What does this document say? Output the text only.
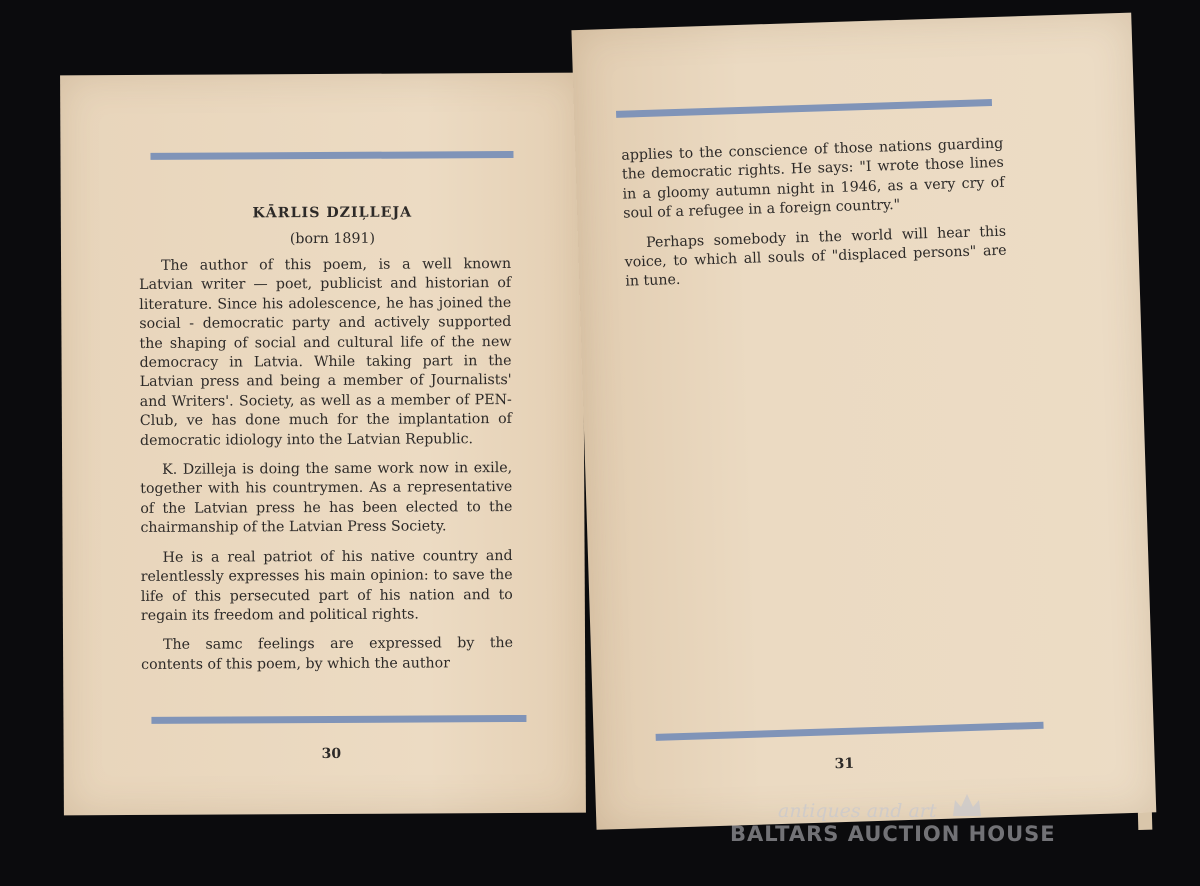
KĀRLIS DZIĻLEJA
(born 1891)

The author of this poem, is a well known Latvian writer — poet, publicist and historian of literature. Since his adolescence, he has joined the social - democratic party and actively supported the shaping of social and cultural life of the new democracy in Latvia. While taking part in the Latvian press and being a member of Journalists' and Writers'. Society, as well as a member of PEN-Club, ve has done much for the implantation of democratic idiology into the Latvian Republic.

K. Dzilleja is doing the same work now in exile, together with his countrymen. As a representative of the Latvian press he has been elected to the chairmanship of the Latvian Press Society.

He is a real patriot of his native country and relentlessly expresses his main opinion: to save the life of this persecuted part of his nation and to regain its freedom and political rights.

The samc feelings are expressed by the contents of this poem, by which the author

30

applies to the conscience of those nations guarding the democratic rights. He says: "I wrote those lines in a gloomy autumn night in 1946, as a very cry of soul of a refugee in a foreign country."

Perhaps somebody in the world will hear this voice, to which all souls of "displaced persons" are in tune.

31
antiques and art
BALTARS AUCTION HOUSE
